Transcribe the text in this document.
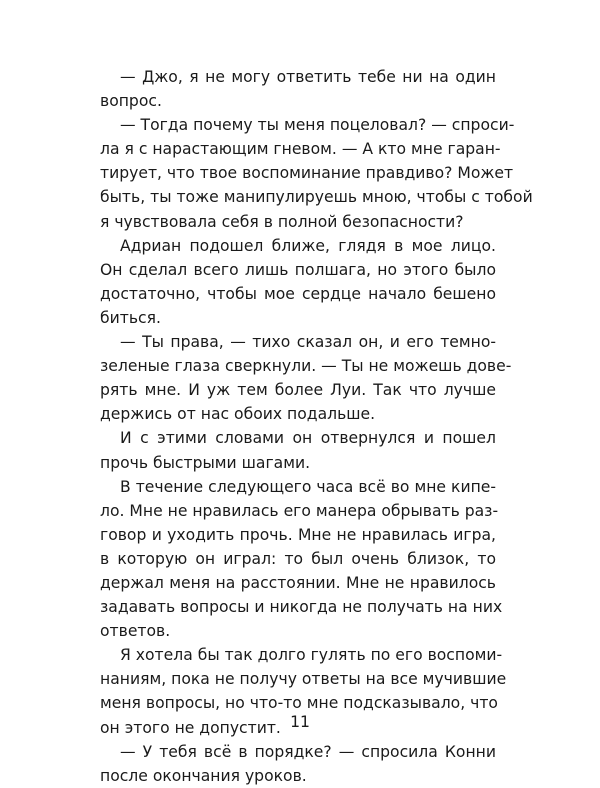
— Джо, я не могу ответить тебе ни на один
вопрос.
— Тогда почему ты меня поцеловал? — спроси-
ла я с нарастающим гневом. — А кто мне гаран-
тирует, что твое воспоминание правдиво? Может
быть, ты тоже манипулируешь мною, чтобы с тобой
я чувствовала себя в полной безопасности?
Адриан подошел ближе, глядя в мое лицо.
Он сделал всего лишь полшага, но этого было
достаточно, чтобы мое сердце начало бешено
биться.
— Ты права, — тихо сказал он, и его темно-
зеленые глаза сверкнули. — Ты не можешь дове-
рять мне. И уж тем более Луи. Так что лучше
держись от нас обоих подальше.
И с этими словами он отвернулся и пошел
прочь быстрыми шагами.
В течение следующего часа всё во мне кипе-
ло. Мне не нравилась его манера обрывать раз-
говор и уходить прочь. Мне не нравилась игра,
в которую он играл: то был очень близок, то
держал меня на расстоянии. Мне не нравилось
задавать вопросы и никогда не получать на них
ответов.
Я хотела бы так долго гулять по его воспоми-
наниям, пока не получу ответы на все мучившие
меня вопросы, но что-то мне подсказывало, что
он этого не допустит.
— У тебя всё в порядке? — спросила Конни
после окончания уроков.
11
